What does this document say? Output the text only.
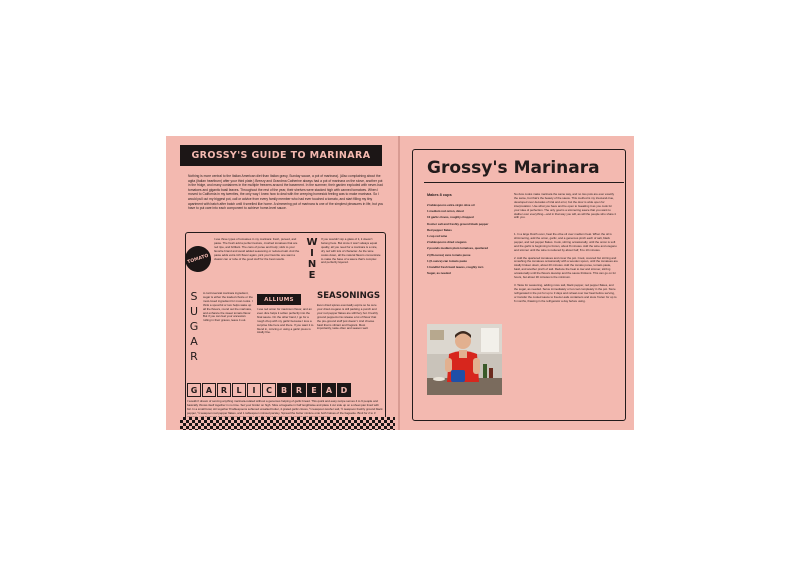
GROSSY'S GUIDE TO MARINARA

Nothing is more central to the Italian American diet than Italian gravy, Sunday sauce, a pot of marinara). (Also complaining about the agita (Italian heartburn) after your third plate.) Breezy and Grandma Catherine always had a pot of marinara on the stove, another pot in the fridge, and many containers in the multiple freezers around the basement. In the summer, their garden exploded with never-had tomatoes and gigantic basil leaves. Throughout the rest of the year, their shelves were stacked high with canned tomatoes. When I moved to California in my twenties, the only way I knew how to deal with the creeping homesick feeling was to make marinara. So I would pull out my biggest pot, call or advice from every family member who had ever touched a tomato, and start filling my tiny apartment with batch after batch until it smelled like home. A simmering pot of marinara is one of the simplest pleasures in life, but you have to put care into each component to achieve home-level sauce.

TOMATO

I use three types of tomatoes in my marinara: fresh, pureed, and paste. The fresh add a perfect texture, crushed tomatoes that are red ripe, and brilliant. The cans of puree and body; stick to your favorite brand and avoid added seasoning or reduced salt. And the paste adds extra rich flavor again, pick your favorite one want a classic can or tube of the good stuff for the best results.

W
I
N
E

If you wouldn't sip a glass of it, it doesn't belong here. But since it won't always equal quality, all you need for a marinara is a nice, dry red with lots of character. As the wine cooks down, all the natural flavors concentrate to make the base of a sauce that's complex and perfectly layered.

S
U
G
A
R

A controversial marinara ingredient, sugar is either the loaded choice or the most-loved ingredient for most cooks. I think a spoonful or two helps wake up all the flavors, round out the marinara, and enhance the sweet tomato flavor. But if you can feel your ancestors rolling in their graves, leave it out.

ALLIUMS

I use red onion for maximum flavor, and an even dice helps it soften perfectly into the final sauce. On the other hand, I go for a rough chop with my garlic because I love a surprise bite here and there. If you want it to blend in, mincing or using a garlic press is totally fine.

SEASONINGS

Even dried spices eventually expire so be sure your dried oregano is still packing a punch and your red pepper flakes are still fiery hot. Freshly ground peppercorns release a lot of flavor that the pre-ground stuff just doesn't. And choose basil that is vibrant and fragrant. Most importantly, taste often and season well.

G	A	R	L	I	C	B	R	E	A	D

I wouldn't dream of serving anything marinara-related without a generous helping of garlic bread. This quick and easy recipe serves 4 to 6 people and basically throws itself together in no time. Set your broiler on high. Slice a baguette in half lengthwise and place it cut side up on a sheet pan lined with foil. In a small bowl, stir together 8 tablespoons softened unsalted butter, 4 grated garlic cloves, ½ teaspoon kosher salt, ½ teaspoon freshly ground black pepper, ½ teaspoon red pepper flakes, and 1 tablespoon minced parsley. Spread the butter mixture onto both halves of the baguette. Broil for 2 to 3

Grossy's Marinara
Makes 8 cups
2 tablespoons extra-virgin olive oil
1 medium red onion, diced
10 garlic cloves, roughly chopped
Kosher salt and freshly ground black pepper
Red pepper flakes
1 cup red wine
2 tablespoons dried oregano
2 pounds medium plum tomatoes, quartered
2 (28-ounce) cans tomato puree
1 (6-ounce) can tomato paste
1 handful fresh basil leaves, roughly torn
Sugar, as needed

No-fuss cooks make marinara the same way, and no two pots are ever exactly the same, but that's the beauty of the sauce. This method is my tried-and-true, developed over decades of trial and error, but the door is wide open for interpretation. Use what you have and be open to tweaking it as you cook for your idea of perfection. The only goal is a simmering sauce that you want to slather over everything—and in that way you will, as will the people who share it with you.

1. In a large Dutch oven, heat the olive oil over medium heat. When the oil is shimmering, add the onion, garlic, and a generous pinch each of salt, black pepper, and red pepper flakes. Cook, stirring occasionally, until the onion is soft and the garlic is beginning to brown, about 8 minutes. Add the wine and oregano and simmer until the wine is reduced by about half, 8 to 10 minutes.
2. Add the quartered tomatoes and cover the pot. Cook, covered but stirring and smashing the tomatoes occasionally with a wooden spoon, until the tomatoes are totally broken down, about 20 minutes. Add the tomato puree, tomato paste, basil, and another pinch of salt. Reduce the heat to low and simmer, stirring occasionally until the flavors develop and the sauce thickens. This can go on for hours, but about 30 minutes is the minimum.
3. Taste for seasoning, adding more salt, black pepper, red pepper flakes, and the sugar, as needed. Serve immediately or let cool completely in the pot. Store refrigerated in the pot for up to 3 days and reheat over low heat before serving, or transfer the cooled sauce to freezer-safe containers and store frozen for up to 6 months, thawing in the refrigerator a day before using.
